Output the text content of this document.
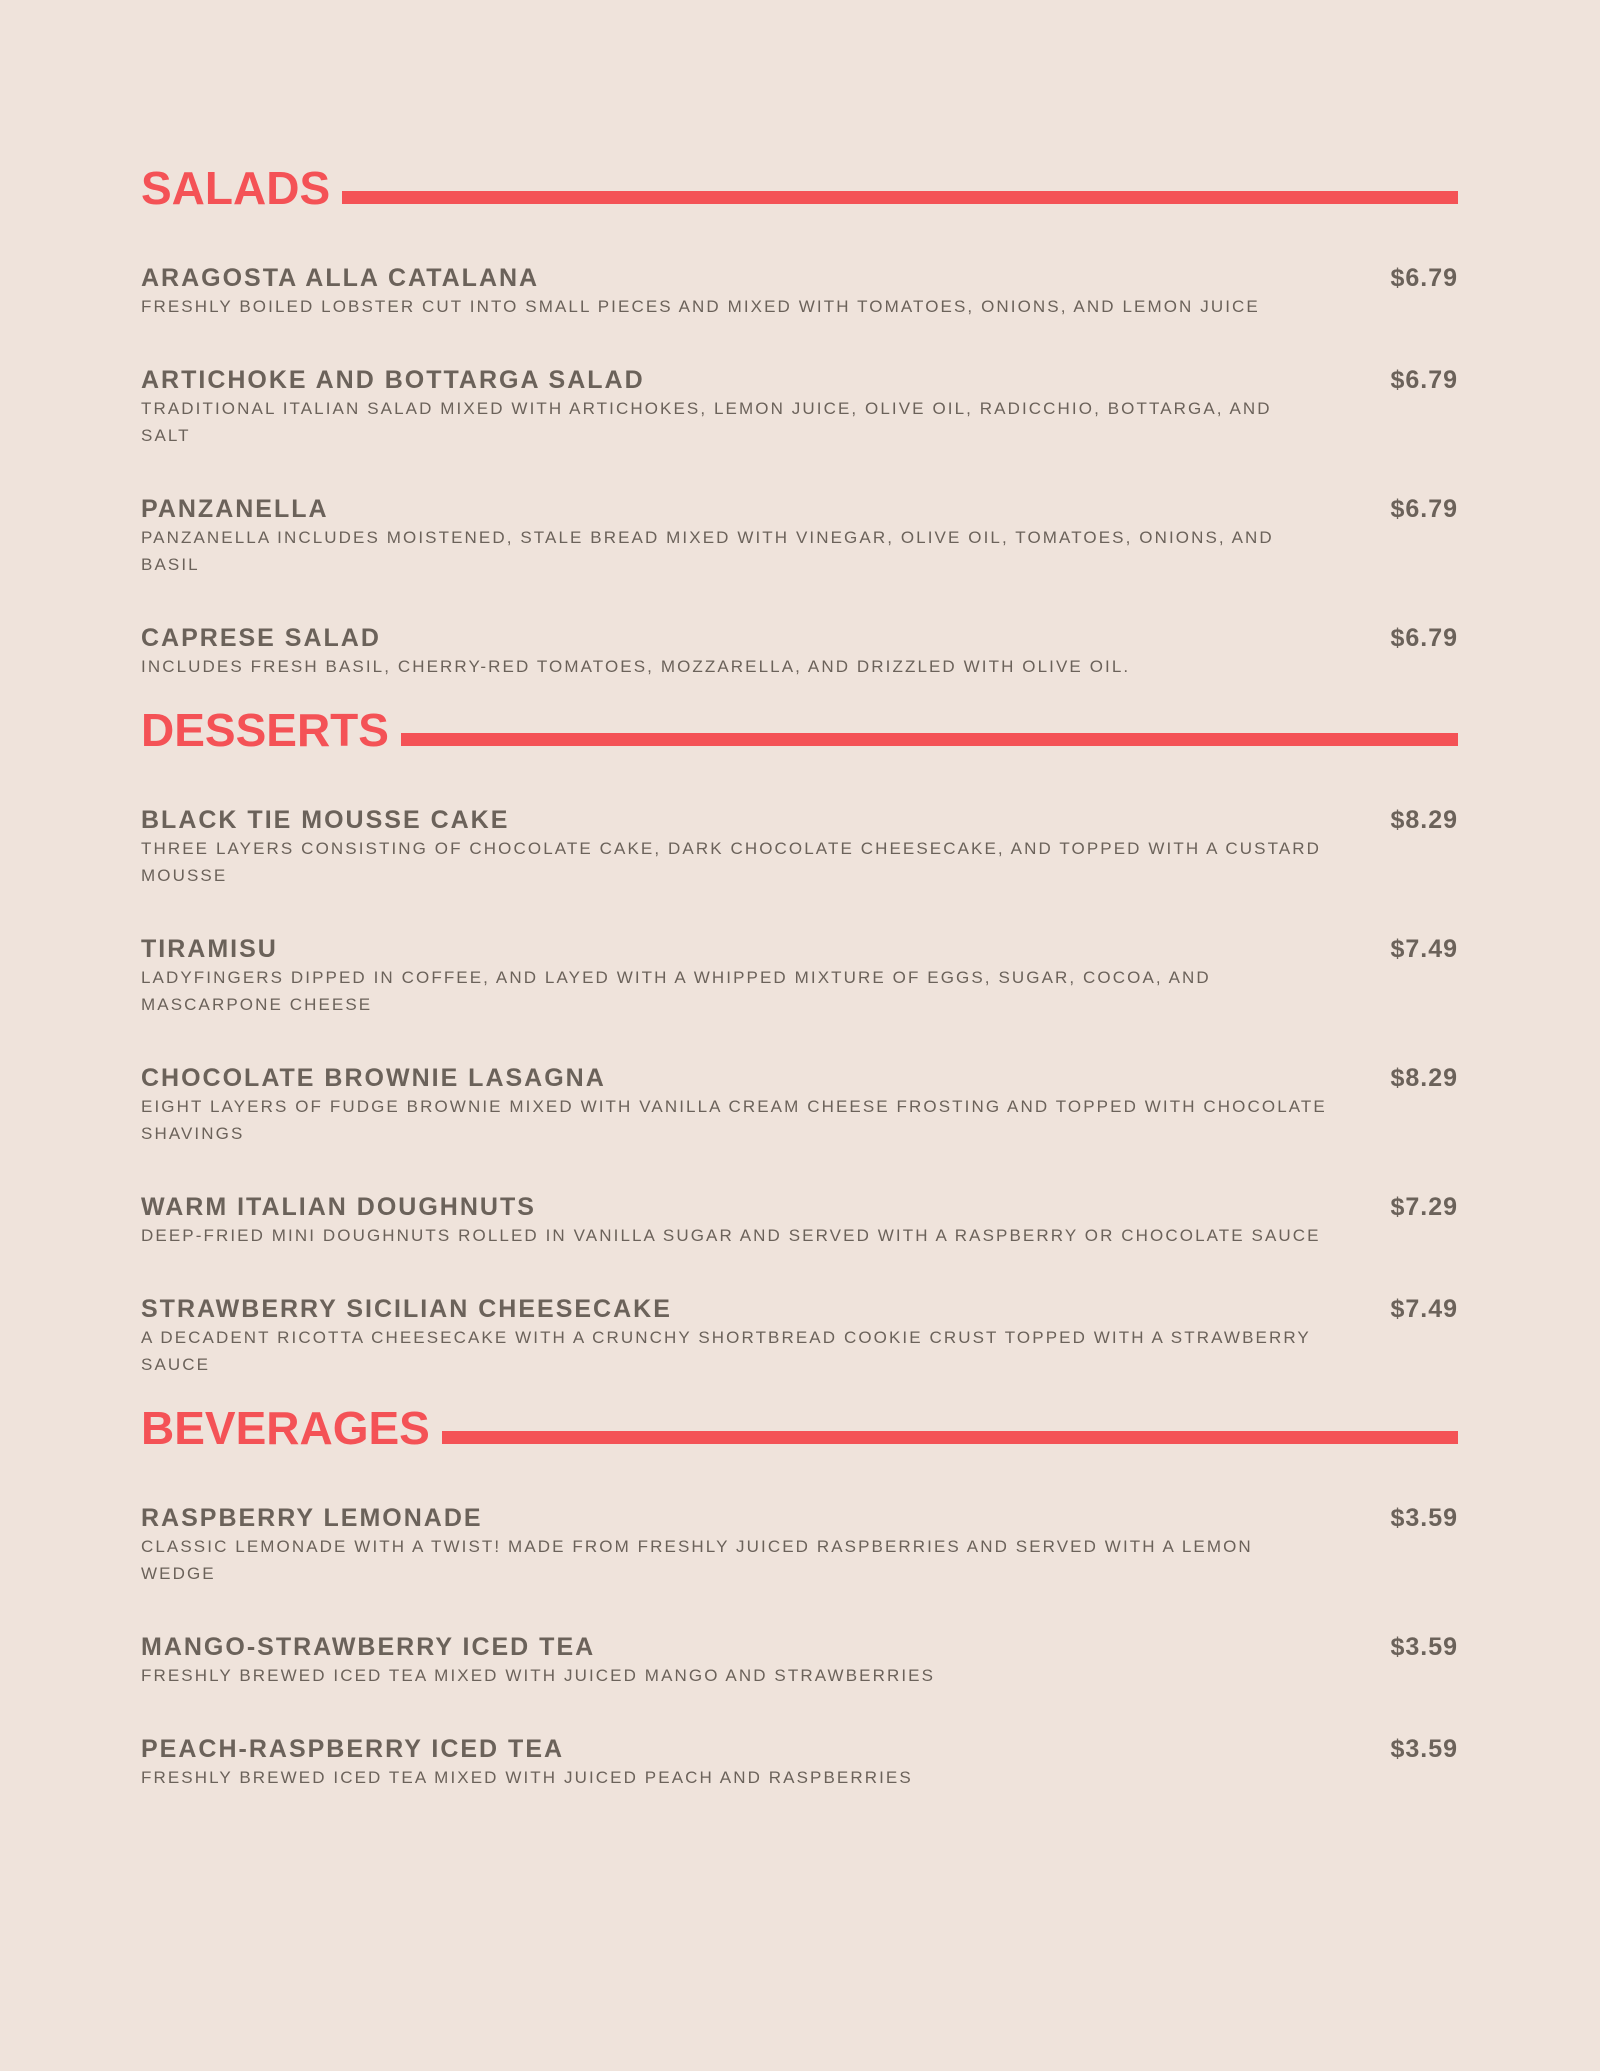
SALADS
ARAGOSTA ALLA CATALANA	$6.79
FRESHLY BOILED LOBSTER CUT INTO SMALL PIECES AND MIXED WITH TOMATOES, ONIONS, AND LEMON JUICE
ARTICHOKE AND BOTTARGA SALAD	$6.79
TRADITIONAL ITALIAN SALAD MIXED WITH ARTICHOKES, LEMON JUICE, OLIVE OIL, RADICCHIO, BOTTARGA, AND
SALT
PANZANELLA	$6.79
PANZANELLA INCLUDES MOISTENED, STALE BREAD MIXED WITH VINEGAR, OLIVE OIL, TOMATOES, ONIONS, AND
BASIL
CAPRESE SALAD	$6.79
INCLUDES FRESH BASIL, CHERRY-RED TOMATOES, MOZZARELLA, AND DRIZZLED WITH OLIVE OIL.
DESSERTS
BLACK TIE MOUSSE CAKE	$8.29
THREE LAYERS CONSISTING OF CHOCOLATE CAKE, DARK CHOCOLATE CHEESECAKE, AND TOPPED WITH A CUSTARD
MOUSSE
TIRAMISU	$7.49
LADYFINGERS DIPPED IN COFFEE, AND LAYED WITH A WHIPPED MIXTURE OF EGGS, SUGAR, COCOA, AND
MASCARPONE CHEESE
CHOCOLATE BROWNIE LASAGNA	$8.29
EIGHT LAYERS OF FUDGE BROWNIE MIXED WITH VANILLA CREAM CHEESE FROSTING AND TOPPED WITH CHOCOLATE
SHAVINGS
WARM ITALIAN DOUGHNUTS	$7.29
DEEP-FRIED MINI DOUGHNUTS ROLLED IN VANILLA SUGAR AND SERVED WITH A RASPBERRY OR CHOCOLATE SAUCE
STRAWBERRY SICILIAN CHEESECAKE	$7.49
A DECADENT RICOTTA CHEESECAKE WITH A CRUNCHY SHORTBREAD COOKIE CRUST TOPPED WITH A STRAWBERRY
SAUCE
BEVERAGES
RASPBERRY LEMONADE	$3.59
CLASSIC LEMONADE WITH A TWIST! MADE FROM FRESHLY JUICED RASPBERRIES AND SERVED WITH A LEMON
WEDGE
MANGO-STRAWBERRY ICED TEA	$3.59
FRESHLY BREWED ICED TEA MIXED WITH JUICED MANGO AND STRAWBERRIES
PEACH-RASPBERRY ICED TEA	$3.59
FRESHLY BREWED ICED TEA MIXED WITH JUICED PEACH AND RASPBERRIES
